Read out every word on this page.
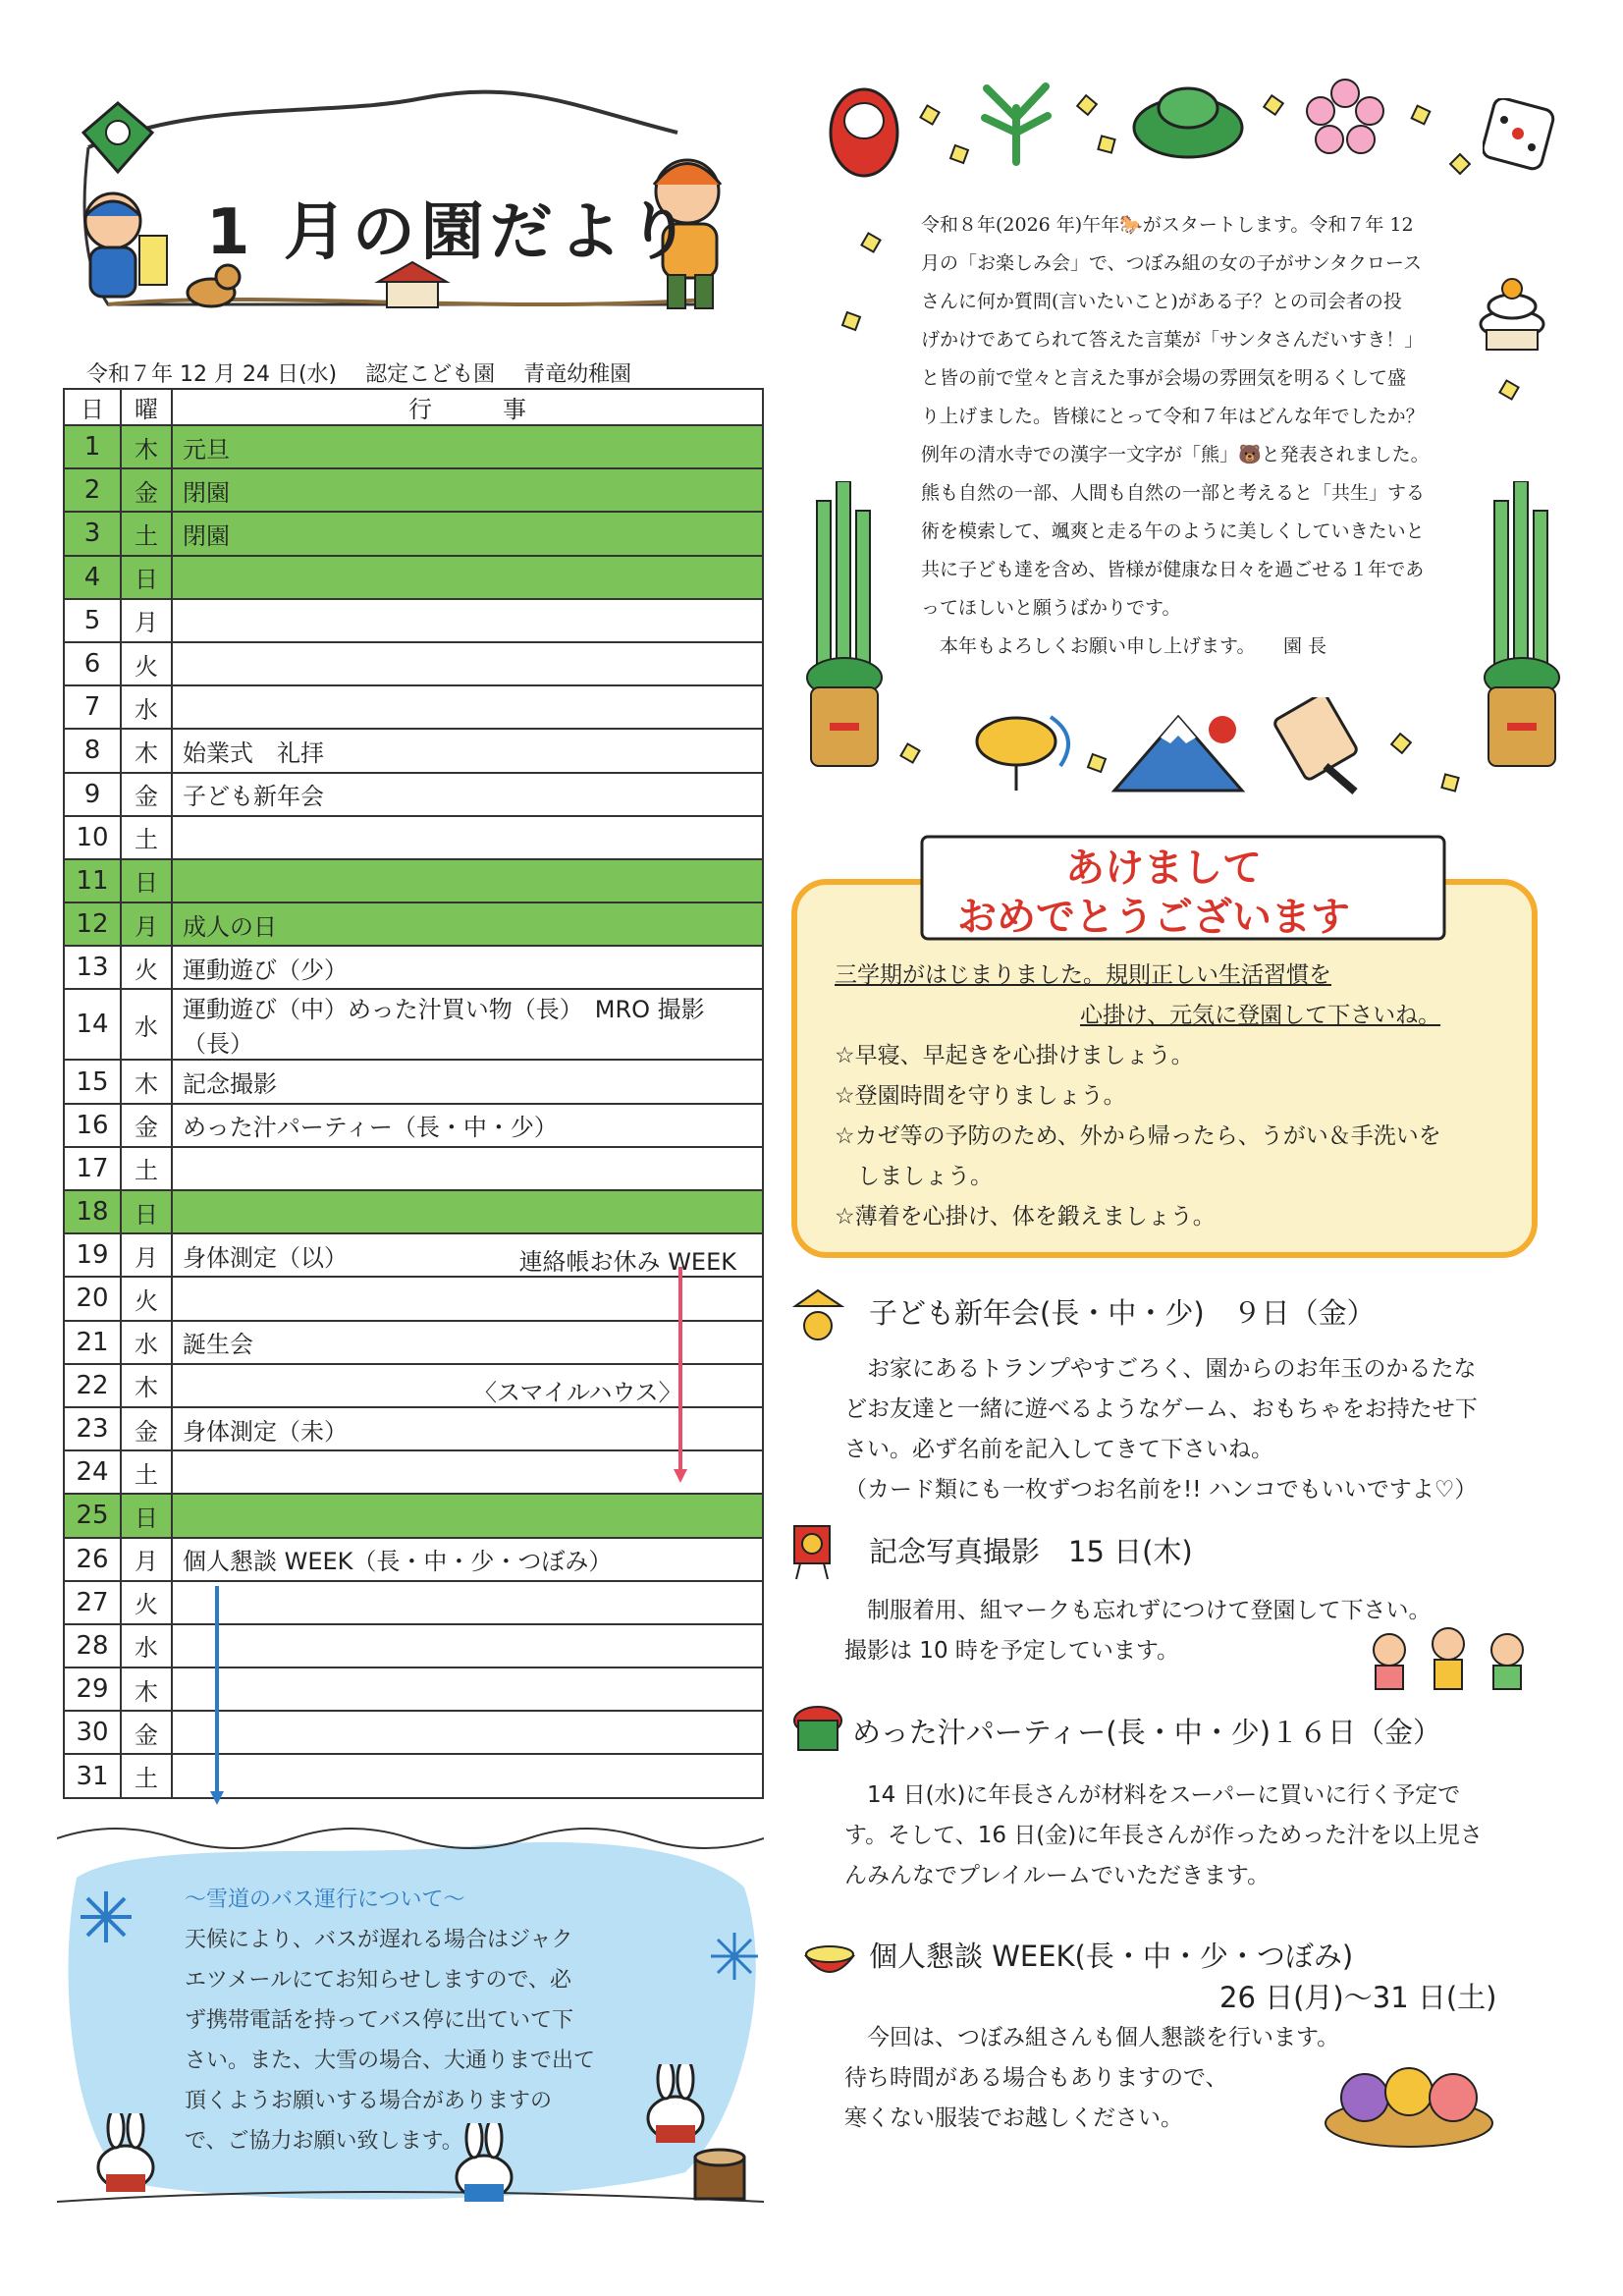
1 月の園だより
令和７年 12 月 24 日(水) 認定こども園 青竜幼稚園
日	曜	行　　　事
1	木	元旦
2	金	閉園
3	土	閉園
4	日	
5	月	
6	火	
7	水	
8	木	始業式　礼拝
9	金	子ども新年会
10	土	
11	日	
12	月	成人の日
13	火	運動遊び（少）
14	水	運動遊び（中）めった汁買い物（長）　MRO 撮影（長）
15	木	記念撮影
16	金	めった汁パーティー（長・中・少）
17	土	
18	日	
19	月	身体測定（以） 連絡帳お休み WEEK

20	火	
21	水	誕生会
22	木	〈スマイルハウス〉

23	金	身体測定（未）
24	土	
25	日	
26	月	個人懇談 WEEK（長・中・少・つぼみ）
27	火	
28	水	
29	木	
30	金	
31	土	
～雪道のバス運行について～
天候により、バスが遅れる場合はジャク
エツメールにてお知らせしますので、必
ず携帯電話を持ってバス停に出ていて下
さい。また、大雪の場合、大通りまで出て
頂くようお願いする場合がありますの
で、ご協力お願い致します。
令和８年(2026 年)午年🐎がスタートします。令和７年 12
月の「お楽しみ会」で、つぼみ組の女の子がサンタクロース
さんに何か質問(言いたいこと)がある子？との司会者の投
げかけであてられて答えた言葉が「サンタさんだいすき！」
と皆の前で堂々と言えた事が会場の雰囲気を明るくして盛
り上げました。皆様にとって令和７年はどんな年でしたか？
例年の清水寺での漢字一文字が「熊」🐻と発表されました。
熊も自然の一部、人間も自然の一部と考えると「共生」する
術を模索して、颯爽と走る午のように美しくしていきたいと
共に子ども達を含め、皆様が健康な日々を過ごせる１年であ
ってほしいと願うばかりです。
　本年もよろしくお願い申し上げます。　　園 長
三学期がはじまりました。規則正しい生活習慣を
心掛け、元気に登園して下さいね。
☆早寝、早起きを心掛けましょう。
☆登園時間を守りましょう。
☆カゼ等の予防のため、外から帰ったら、うがい＆手洗いを
　しましょう。
☆薄着を心掛け、体を鍛えましょう。
あけまして
おめでとうございます
子ども新年会(長・中・少)　９日（金）
　お家にあるトランプやすごろく、園からのお年玉のかるたな
どお友達と一緒に遊べるようなゲーム、おもちゃをお持たせ下
さい。必ず名前を記入してきて下さいね。
（カード類にも一枚ずつお名前を!! ハンコでもいいですよ♡）
記念写真撮影　15 日(木)
　制服着用、組マークも忘れずにつけて登園して下さい。
撮影は 10 時を予定しています。
めった汁パーティー(長・中・少)１６日（金）
　14 日(水)に年長さんが材料をスーパーに買いに行く予定で
す。そして、16 日(金)に年長さんが作っためった汁を以上児さ
んみんなでプレイルームでいただきます。
個人懇談 WEEK(長・中・少・つぼみ)
26 日(月)～31 日(土)
　今回は、つぼみ組さんも個人懇談を行います。
待ち時間がある場合もありますので、
寒くない服装でお越しください。
